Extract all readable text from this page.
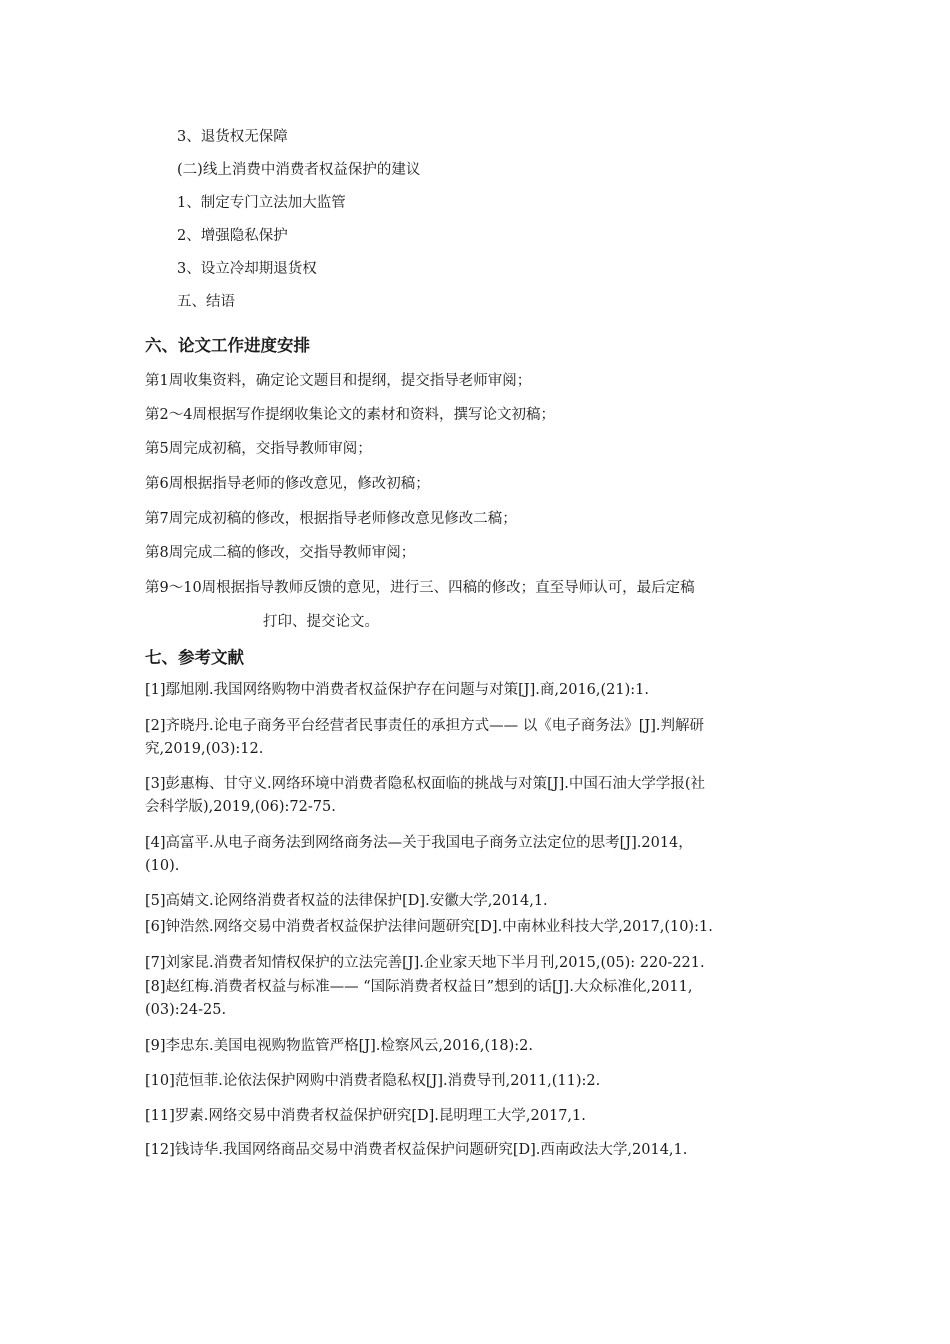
3、退货权无保障
(二)线上消费中消费者权益保护的建议
1、制定专门立法加大监管
2、增强隐私保护
3、设立冷却期退货权
五、结语
六、论文工作进度安排
第1周收集资料，确定论文题目和提纲，提交指导老师审阅；
第2～4周根据写作提纲收集论文的素材和资料，撰写论文初稿；
第5周完成初稿，交指导教师审阅；
第6周根据指导老师的修改意见，修改初稿；
第7周完成初稿的修改，根据指导老师修改意见修改二稿；
第8周完成二稿的修改，交指导教师审阅；
第9～10周根据指导教师反馈的意见，进行三、四稿的修改；直至导师认可，最后定稿
打印、提交论文。
七、参考文献
[1]鄢旭刚.我国网络购物中消费者权益保护存在问题与对策[J].商,2016,(21):1.
[2]齐晓丹.论电子商务平台经营者民事责任的承担方式—— 以《电子商务法》[J].判解研
究,2019,(03):12.
[3]彭惠梅、甘守义.网络环境中消费者隐私权面临的挑战与对策[J].中国石油大学学报(社
会科学版),2019,(06):72-75.
[4]高富平.从电子商务法到网络商务法—关于我国电子商务立法定位的思考[J].2014，
(10).
[5]高婧文.论网络消费者权益的法律保护[D].安徽大学,2014,1.
[6]钟浩然.网络交易中消费者权益保护法律问题研究[D].中南林业科技大学,2017,(10):1.
[7]刘家昆.消费者知情权保护的立法完善[J].企业家天地下半月刊,2015,(05): 220-221.
[8]赵红梅.消费者权益与标准—— “国际消费者权益日”想到的话[J].大众标准化,2011,
(03):24-25.
[9]李忠东.美国电视购物监管严格[J].检察风云,2016,(18):2.
[10]范恒菲.论依法保护网购中消费者隐私权[J].消费导刊,2011,(11):2.
[11]罗素.网络交易中消费者权益保护研究[D].昆明理工大学,2017,1.
[12]钱诗华.我国网络商品交易中消费者权益保护问题研究[D].西南政法大学,2014,1.
